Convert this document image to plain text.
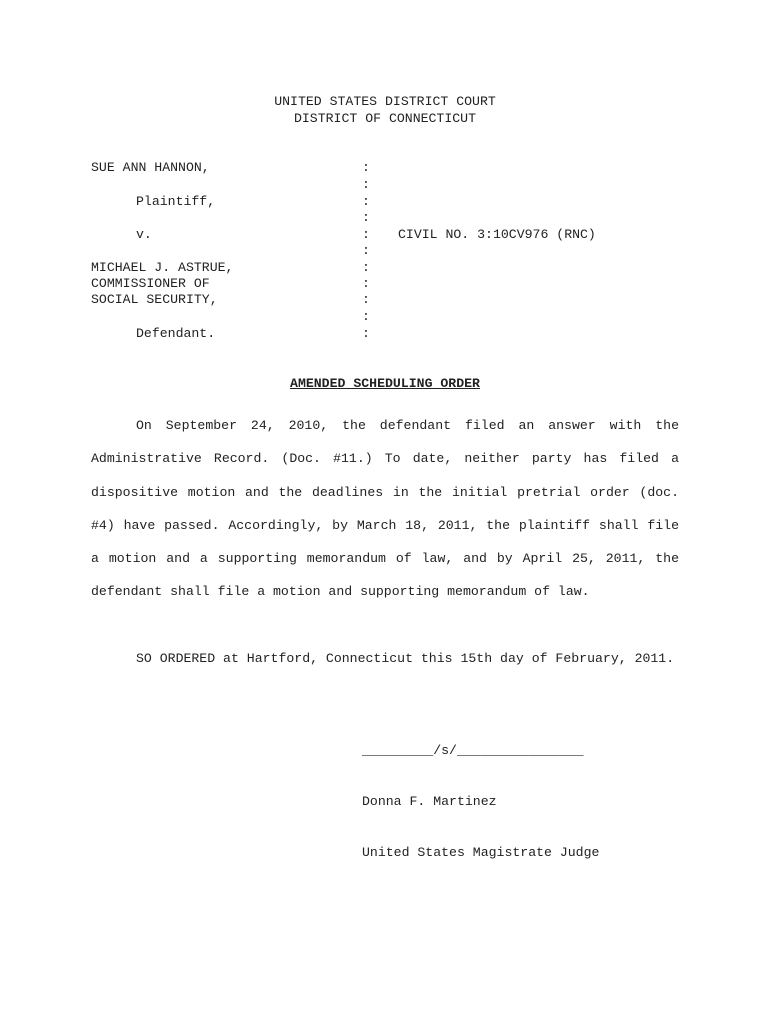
UNITED STATES DISTRICT COURT
DISTRICT OF CONNECTICUT
SUE ANN HANNON,
Plaintiff,
v.
MICHAEL J. ASTRUE,
COMMISSIONER OF
SOCIAL SECURITY,
Defendant.
:
:
:
:
:
:
:
:
:
:
:
CIVIL NO. 3:10CV976 (RNC)
AMENDED SCHEDULING ORDER
On September 24, 2010, the defendant filed an answer with the Administrative Record. (Doc. #11.) To date, neither party has filed a dispositive motion and the deadlines in the initial pretrial order (doc. #4) have passed. Accordingly, by March 18, 2011, the plaintiff shall file a motion and a supporting memorandum of law, and by April 25, 2011, the defendant shall file a motion and supporting memorandum of law.
SO ORDERED at Hartford, Connecticut this 15th day of February, 2011.

_________/s/________________

Donna F. Martinez

United States Magistrate Judge
